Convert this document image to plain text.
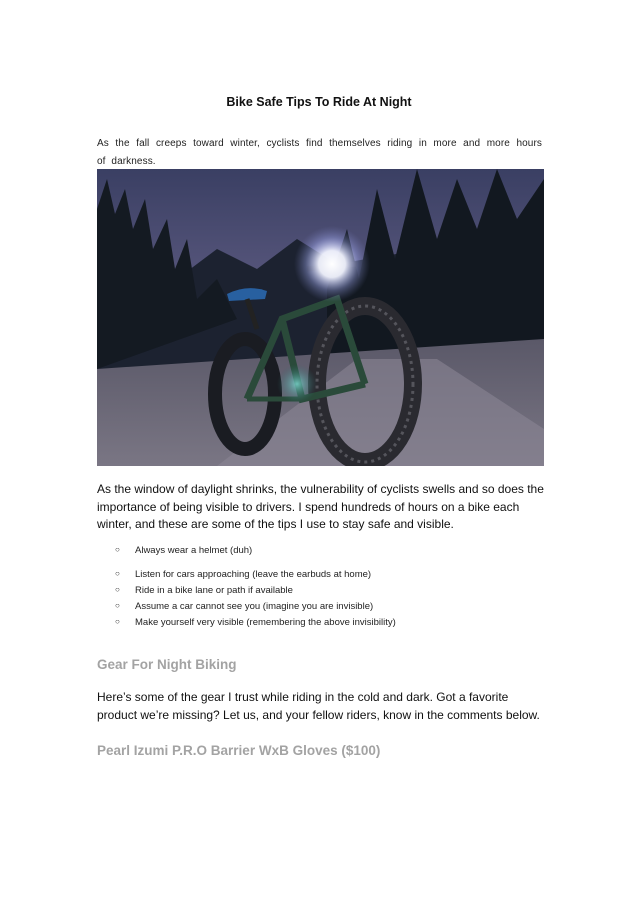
Bike Safe Tips To Ride At Night
As the fall creeps toward winter, cyclists find themselves riding in more and more hours of darkness.
As the window of daylight shrinks, the vulnerability of cyclists swells and so does the importance of being visible to drivers. I spend hundreds of hours on a bike each winter, and these are some of the tips I use to stay safe and visible.
○ Always wear a helmet (duh)
○ Listen for cars approaching (leave the earbuds at home)
○ Ride in a bike lane or path if available
○ Assume a car cannot see you (imagine you are invisible)
○ Make yourself very visible (remembering the above invisibility)
Gear For Night Biking
Here’s some of the gear I trust while riding in the cold and dark. Got a favorite product we’re missing? Let us, and your fellow riders, know in the comments below.
Pearl Izumi P.R.O Barrier WxB Gloves ($100)
